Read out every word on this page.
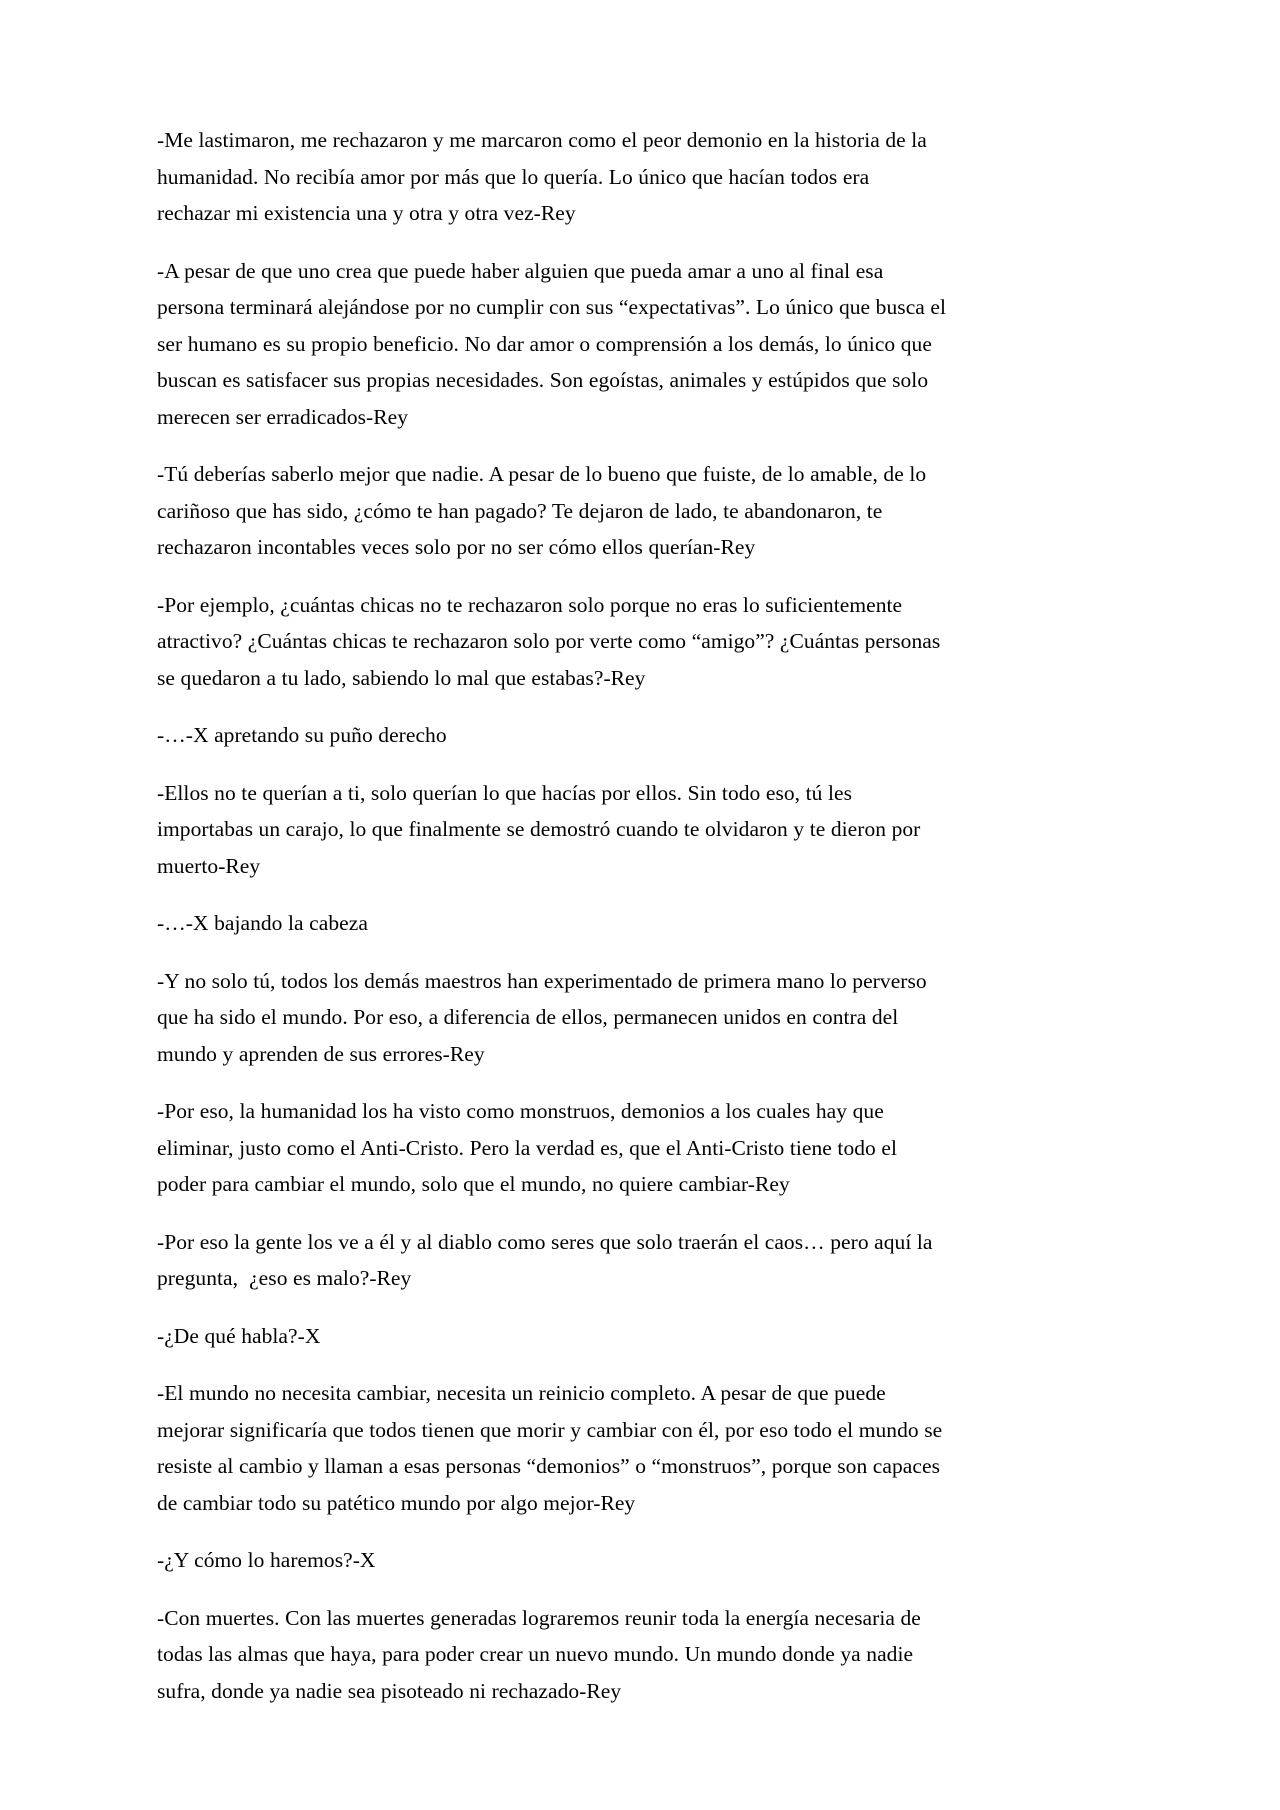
-Me lastimaron, me rechazaron y me marcaron como el peor demonio en la historia de la humanidad. No recibía amor por más que lo quería. Lo único que hacían todos era rechazar mi existencia una y otra y otra vez-Rey

-A pesar de que uno crea que puede haber alguien que pueda amar a uno al final esa persona terminará alejándose por no cumplir con sus “expectativas”. Lo único que busca el ser humano es su propio beneficio. No dar amor o comprensión a los demás, lo único que buscan es satisfacer sus propias necesidades. Son egoístas, animales y estúpidos que solo merecen ser erradicados-Rey

-Tú deberías saberlo mejor que nadie. A pesar de lo bueno que fuiste, de lo amable, de lo cariñoso que has sido, ¿cómo te han pagado? Te dejaron de lado, te abandonaron, te rechazaron incontables veces solo por no ser cómo ellos querían-Rey

-Por ejemplo, ¿cuántas chicas no te rechazaron solo porque no eras lo suficientemente atractivo? ¿Cuántas chicas te rechazaron solo por verte como “amigo”? ¿Cuántas personas se quedaron a tu lado, sabiendo lo mal que estabas?-Rey

-…-X apretando su puño derecho

-Ellos no te querían a ti, solo querían lo que hacías por ellos. Sin todo eso, tú les importabas un carajo, lo que finalmente se demostró cuando te olvidaron y te dieron por muerto-Rey

-…-X bajando la cabeza

-Y no solo tú, todos los demás maestros han experimentado de primera mano lo perverso que ha sido el mundo. Por eso, a diferencia de ellos, permanecen unidos en contra del mundo y aprenden de sus errores-Rey

-Por eso, la humanidad los ha visto como monstruos, demonios a los cuales hay que eliminar, justo como el Anti-Cristo. Pero la verdad es, que el Anti-Cristo tiene todo el poder para cambiar el mundo, solo que el mundo, no quiere cambiar-Rey

-Por eso la gente los ve a él y al diablo como seres que solo traerán el caos… pero aquí la pregunta,  ¿eso es malo?-Rey

-¿De qué habla?-X

-El mundo no necesita cambiar, necesita un reinicio completo. A pesar de que puede mejorar significaría que todos tienen que morir y cambiar con él, por eso todo el mundo se resiste al cambio y llaman a esas personas “demonios” o “monstruos”, porque son capaces de cambiar todo su patético mundo por algo mejor-Rey

-¿Y cómo lo haremos?-X

-Con muertes. Con las muertes generadas lograremos reunir toda la energía necesaria de todas las almas que haya, para poder crear un nuevo mundo. Un mundo donde ya nadie sufra, donde ya nadie sea pisoteado ni rechazado-Rey
